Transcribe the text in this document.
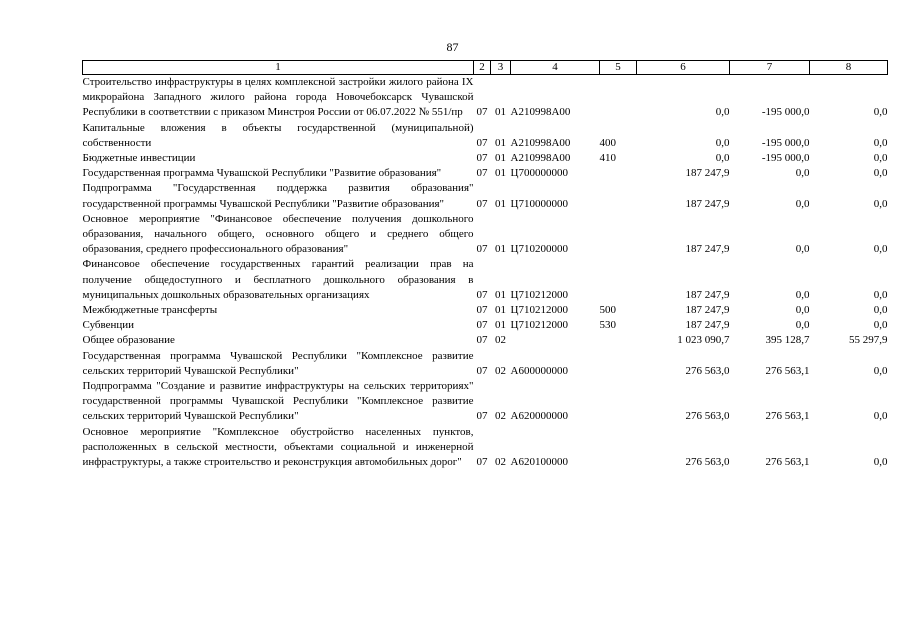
87
1	2	3	4	5	6	7	8
Строительство инфраструктуры в целях комплексной застройки жилого района IX микрорайона Западного жилого района города Новочебоксарск Чувашской Республики в соответствии с приказом Минстроя России от 06.07.2022 № 551/пр	07	01	A210998A00		0,0	-195 000,0	0,0
Капитальные вложения в объекты государственной (муниципальной) собственности	07	01	A210998A00	400	0,0	-195 000,0	0,0
Бюджетные инвестиции	07	01	A210998A00	410	0,0	-195 000,0	0,0
Государственная программа Чувашской Республики "Развитие образования"	07	01	Ц700000000		187 247,9	0,0	0,0
Подпрограмма "Государственная поддержка развития образования" государственной программы Чувашской Республики "Развитие образования"	07	01	Ц710000000		187 247,9	0,0	0,0
Основное мероприятие "Финансовое обеспечение получения дошкольного образования, начального общего, основного общего и среднего общего образования, среднего профессионального образования"	07	01	Ц710200000		187 247,9	0,0	0,0
Финансовое обеспечение государственных гарантий реализации прав на получение общедоступного и бесплатного дошкольного образования в муниципальных дошкольных образовательных организациях	07	01	Ц710212000		187 247,9	0,0	0,0
Межбюджетные трансферты	07	01	Ц710212000	500	187 247,9	0,0	0,0
Субвенции	07	01	Ц710212000	530	187 247,9	0,0	0,0
Общее образование	07	02			1 023 090,7	395 128,7	55 297,9
Государственная программа Чувашской Республики "Комплексное развитие сельских территорий Чувашской Республики"	07	02	A600000000		276 563,0	276 563,1	0,0
Подпрограмма "Создание и развитие инфраструктуры на сельских территориях" государственной программы Чувашской Республики "Комплексное развитие сельских территорий Чувашской Республики"	07	02	A620000000		276 563,0	276 563,1	0,0
Основное мероприятие "Комплексное обустройство населенных пунктов, расположенных в сельской местности, объектами социальной и инженерной инфраструктуры, а также строительство и реконструкция автомобильных дорог"	07	02	A620100000		276 563,0	276 563,1	0,0
